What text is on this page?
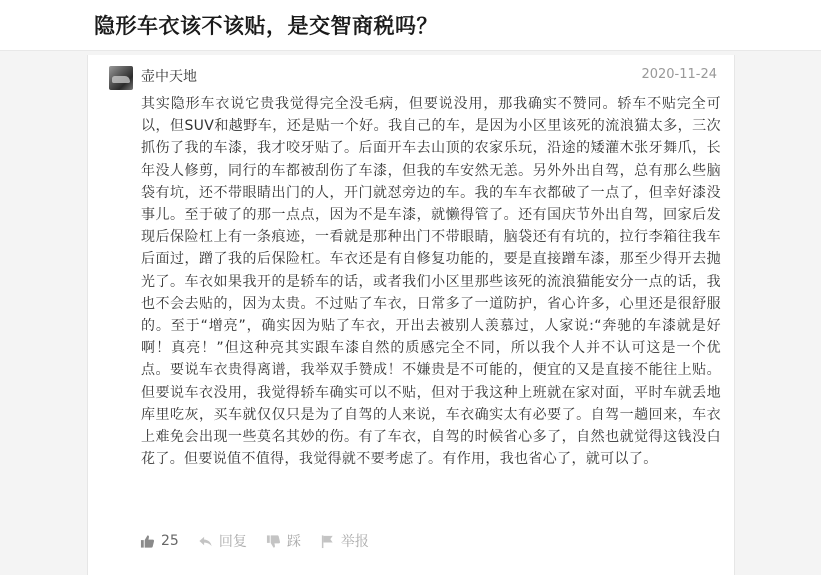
隐形车衣该不该贴，是交智商税吗？
壶中天地	2020-11-24

其实隐形车衣说它贵我觉得完全没毛病，但要说没用，那我确实不赞同。轿车不贴完全可以，但SUV和越野车，还是贴一个好。我自己的车，是因为小区里该死的流浪猫太多，三次抓伤了我的车漆，我才咬牙贴了。后面开车去山顶的农家乐玩，沿途的矮灌木张牙舞爪，长年没人修剪，同行的车都被刮伤了车漆，但我的车安然无恙。另外外出自驾，总有那么些脑袋有坑，还不带眼睛出门的人，开门就怼旁边的车。我的车车衣都破了一点了，但幸好漆没事儿。至于破了的那一点点，因为不是车漆，就懒得管了。还有国庆节外出自驾，回家后发现后保险杠上有一条痕迹，一看就是那种出门不带眼睛，脑袋还有有坑的，拉行李箱往我车后面过，蹭了我的后保险杠。车衣还是有自修复功能的，要是直接蹭车漆，那至少得开去抛光了。车衣如果我开的是轿车的话，或者我们小区里那些该死的流浪猫能安分一点的话，我也不会去贴的，因为太贵。不过贴了车衣，日常多了一道防护，省心许多，心里还是很舒服的。至于“增亮”，确实因为贴了车衣，开出去被别人羡慕过，人家说:“奔驰的车漆就是好啊！真亮！”但这种亮其实跟车漆自然的质感完全不同，所以我个人并不认可这是一个优点。要说车衣贵得离谱，我举双手赞成！不嫌贵是不可能的，便宜的又是直接不能往上贴。但要说车衣没用，我觉得轿车确实可以不贴，但对于我这种上班就在家对面，平时车就丢地库里吃灰，买车就仅仅只是为了自驾的人来说，车衣确实太有必要了。自驾一趟回来，车衣上难免会出现一些莫名其妙的伤。有了车衣，自驾的时候省心多了，自然也就觉得这钱没白花了。但要说值不值得，我觉得就不要考虑了。有作用，我也省心了，就可以了。

25	回复	踩	举报
